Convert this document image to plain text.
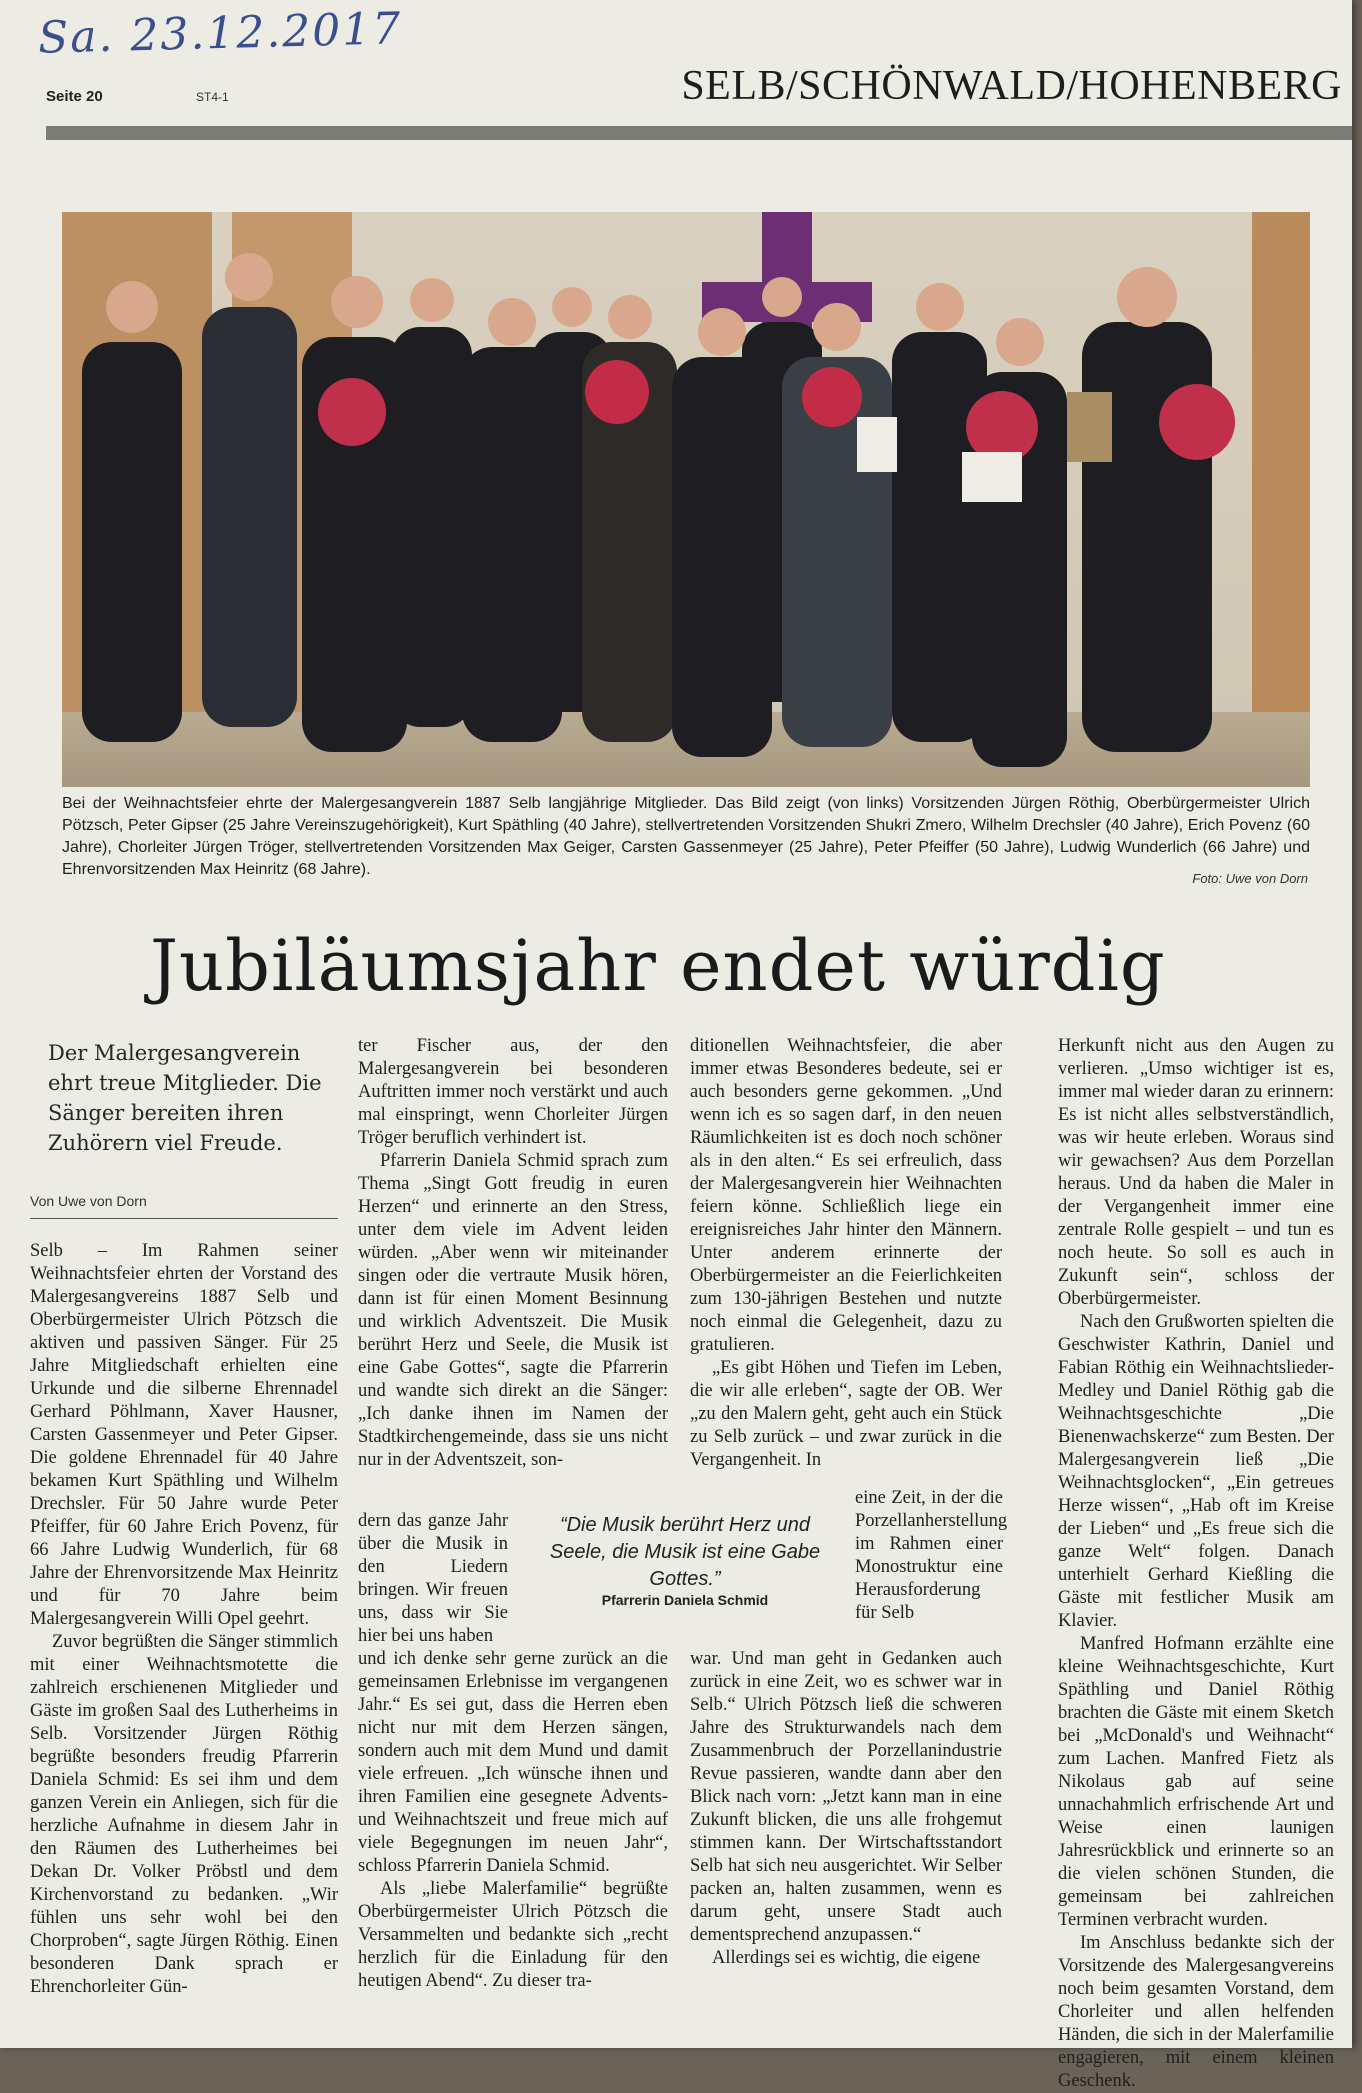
Sa. 23.12.2017
Seite 20	ST4-1	SELB/SCHÖNWALD/HOHENBERG
Bei der Weihnachtsfeier ehrte der Malergesangverein 1887 Selb langjährige Mitglieder. Das Bild zeigt (von links) Vorsitzenden Jürgen Röthig, Oberbürgermeister Ulrich Pötzsch, Peter Gipser (25 Jahre Vereinszugehörigkeit), Kurt Späthling (40 Jahre), stellvertretenden Vorsitzenden Shukri Zmero, Wilhelm Drechsler (40 Jahre), Erich Povenz (60 Jahre), Chorleiter Jürgen Tröger, stellvertretenden Vorsitzenden Max Geiger, Carsten Gassenmeyer (25 Jahre), Peter Pfeiffer (50 Jahre), Ludwig Wunderlich (66 Jahre) und Ehrenvorsitzenden Max Heinritz (68 Jahre).
Foto: Uwe von Dorn
Jubiläumsjahr endet würdig
Der Malergesangverein ehrt treue Mitglieder. Die Sänger bereiten ihren Zuhörern viel Freude.
Von Uwe von Dorn

Selb – Im Rahmen seiner Weihnachtsfeier ehrten der Vorstand des Malergesangvereins 1887 Selb und Oberbürgermeister Ulrich Pötzsch die aktiven und passiven Sänger. Für 25 Jahre Mitgliedschaft erhielten eine Urkunde und die silberne Ehrennadel Gerhard Pöhlmann, Xaver Hausner, Carsten Gassenmeyer und Peter Gipser. Die goldene Ehrennadel für 40 Jahre bekamen Kurt Späthling und Wilhelm Drechsler. Für 50 Jahre wurde Peter Pfeiffer, für 60 Jahre Erich Povenz, für 66 Jahre Ludwig Wunderlich, für 68 Jahre der Ehrenvorsitzende Max Heinritz und für 70 Jahre beim Malergesangverein Willi Opel geehrt.

Zuvor begrüßten die Sänger stimmlich mit einer Weihnachtsmotette die zahlreich erschienenen Mitglieder und Gäste im großen Saal des Lutherheims in Selb. Vorsitzender Jürgen Röthig begrüßte besonders freudig Pfarrerin Daniela Schmid: Es sei ihm und dem ganzen Verein ein Anliegen, sich für die herzliche Aufnahme in diesem Jahr in den Räumen des Lutherheimes bei Dekan Dr. Volker Pröbstl und dem Kirchenvorstand zu bedanken. „Wir fühlen uns sehr wohl bei den Chorproben“, sagte Jürgen Röthig. Einen besonderen Dank sprach er Ehrenchorleiter Gün-

ter Fischer aus, der den Malergesangverein bei besonderen Auftritten immer noch verstärkt und auch mal einspringt, wenn Chorleiter Jürgen Tröger beruflich verhindert ist.

Pfarrerin Daniela Schmid sprach zum Thema „Singt Gott freudig in euren Herzen“ und erinnerte an den Stress, unter dem viele im Advent leiden würden. „Aber wenn wir miteinander singen oder die vertraute Musik hören, dann ist für einen Moment Besinnung und wirklich Adventszeit. Die Musik berührt Herz und Seele, die Musik ist eine Gabe Gottes“, sagte die Pfarrerin und wandte sich direkt an die Sänger: „Ich danke ihnen im Namen der Stadtkirchengemeinde, dass sie uns nicht nur in der Adventszeit, son-

dern das ganze Jahr über die Musik in den Liedern bringen. Wir freuen uns, dass wir Sie hier bei uns haben

und ich denke sehr gerne zurück an die gemeinsamen Erlebnisse im vergangenen Jahr.“ Es sei gut, dass die Herren eben nicht nur mit dem Herzen sängen, sondern auch mit dem Mund und damit viele erfreuen. „Ich wünsche ihnen und ihren Familien eine gesegnete Advents- und Weihnachtszeit und freue mich auf viele Begegnungen im neuen Jahr“, schloss Pfarrerin Daniela Schmid.

Als „liebe Malerfamilie“ begrüßte Oberbürgermeister Ulrich Pötzsch die Versammelten und bedankte sich „recht herzlich für die Einladung für den heutigen Abend“. Zu dieser tra-

“Die Musik berührt Herz und Seele, die Musik ist eine Gabe Gottes.”
Pfarrerin Daniela Schmid

ditionellen Weihnachtsfeier, die aber immer etwas Besonderes bedeute, sei er auch besonders gerne gekommen. „Und wenn ich es so sagen darf, in den neuen Räumlichkeiten ist es doch noch schöner als in den alten.“ Es sei erfreulich, dass der Malergesangverein hier Weihnachten feiern könne. Schließlich liege ein ereignisreiches Jahr hinter den Männern. Unter anderem erinnerte der Oberbürgermeister an die Feierlichkeiten zum 130-jährigen Bestehen und nutzte noch einmal die Gelegenheit, dazu zu gratulieren.

„Es gibt Höhen und Tiefen im Leben, die wir alle erleben“, sagte der OB. Wer „zu den Malern geht, geht auch ein Stück zu Selb zurück – und zwar zurück in die Vergangenheit. In

eine Zeit, in der die Porzellanherstellung im Rahmen einer Monostruktur eine Herausforderung für Selb

war. Und man geht in Gedanken auch zurück in eine Zeit, wo es schwer war in Selb.“ Ulrich Pötzsch ließ die schweren Jahre des Strukturwandels nach dem Zusammenbruch der Porzellanindustrie Revue passieren, wandte dann aber den Blick nach vorn: „Jetzt kann man in eine Zukunft blicken, die uns alle frohgemut stimmen kann. Der Wirtschaftsstandort Selb hat sich neu ausgerichtet. Wir Selber packen an, halten zusammen, wenn es darum geht, unsere Stadt auch dementsprechend anzupassen.“

Allerdings sei es wichtig, die eigene

Herkunft nicht aus den Augen zu verlieren. „Umso wichtiger ist es, immer mal wieder daran zu erinnern: Es ist nicht alles selbstverständlich, was wir heute erleben. Woraus sind wir gewachsen? Aus dem Porzellan heraus. Und da haben die Maler in der Vergangenheit immer eine zentrale Rolle gespielt – und tun es noch heute. So soll es auch in Zukunft sein“, schloss der Oberbürgermeister.

Nach den Grußworten spielten die Geschwister Kathrin, Daniel und Fabian Röthig ein Weihnachtslieder-Medley und Daniel Röthig gab die Weihnachtsgeschichte „Die Bienenwachskerze“ zum Besten. Der Malergesangverein ließ „Die Weihnachtsglocken“, „Ein getreues Herze wissen“, „Hab oft im Kreise der Lieben“ und „Es freue sich die ganze Welt“ folgen. Danach unterhielt Gerhard Kießling die Gäste mit festlicher Musik am Klavier.

Manfred Hofmann erzählte eine kleine Weihnachtsgeschichte, Kurt Späthling und Daniel Röthig brachten die Gäste mit einem Sketch bei „McDonald's und Weihnacht“ zum Lachen. Manfred Fietz als Nikolaus gab auf seine unnachahmlich erfrischende Art und Weise einen launigen Jahresrückblick und erinnerte so an die vielen schönen Stunden, die gemeinsam bei zahlreichen Terminen verbracht wurden.

Im Anschluss bedankte sich der Vorsitzende des Malergesangvereins noch beim gesamten Vorstand, dem Chorleiter und allen helfenden Händen, die sich in der Malerfamilie engagieren, mit einem kleinen Geschenk.
